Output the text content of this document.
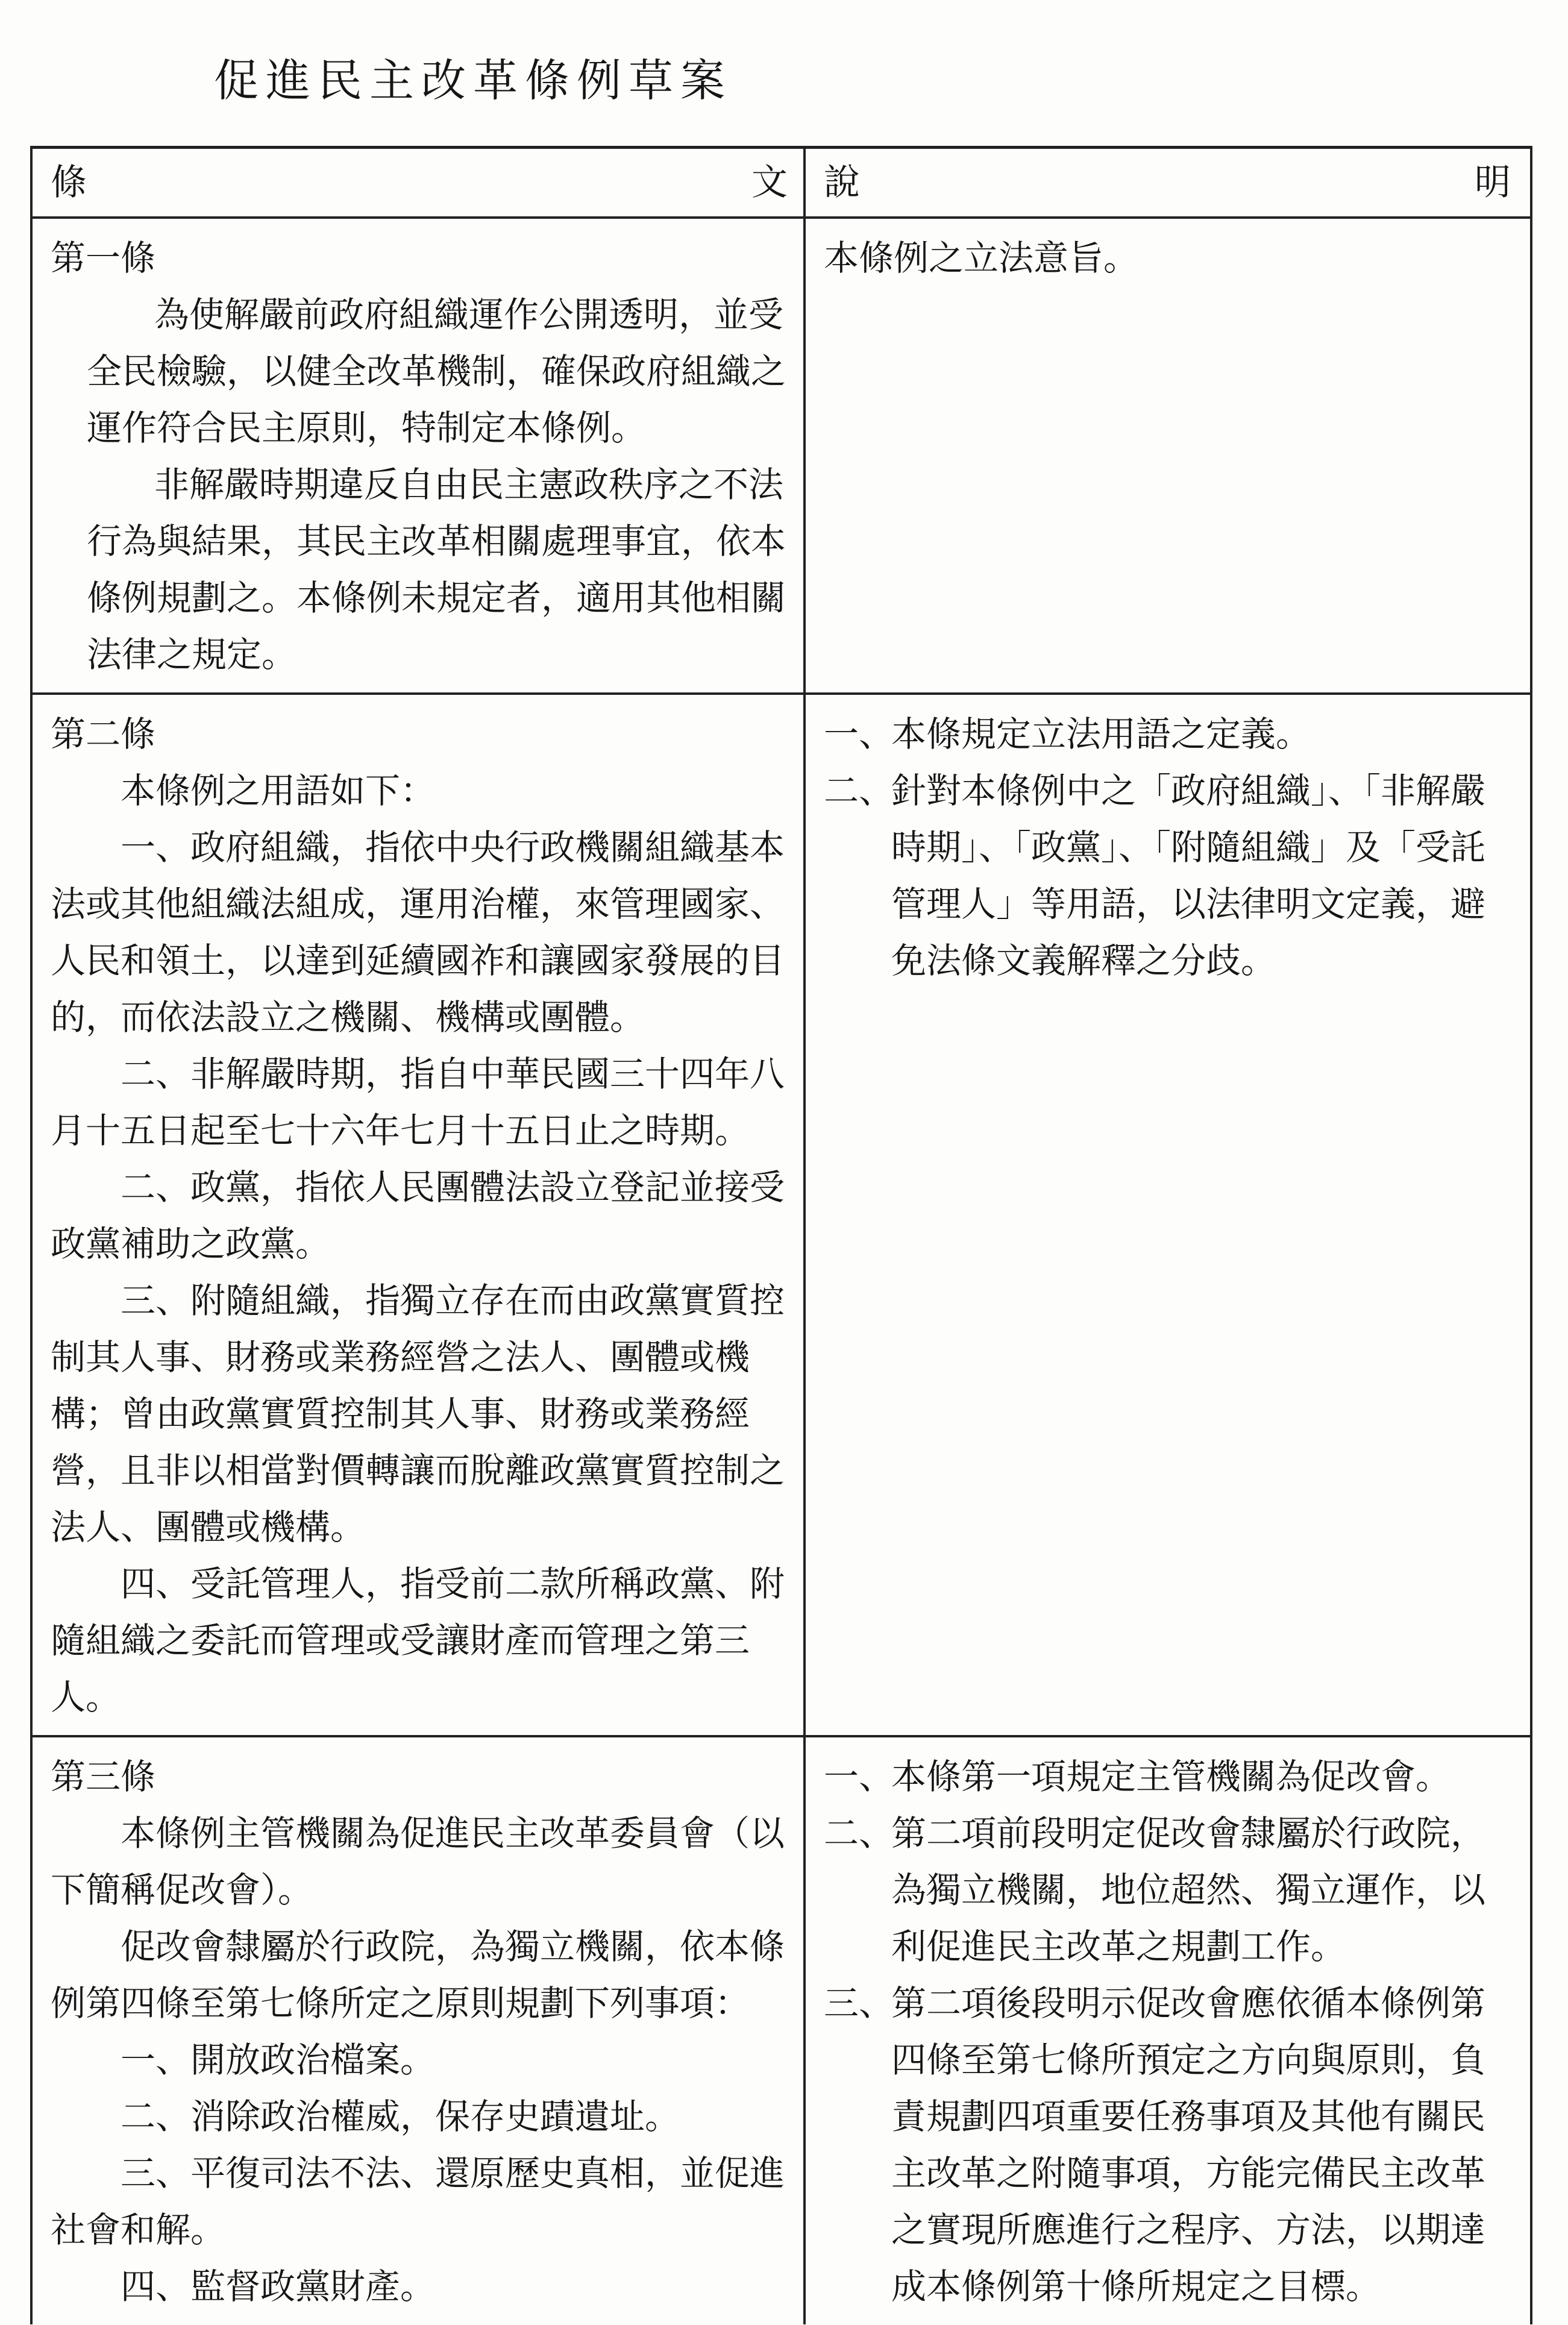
促進民主改革條例草案
條	文 說	明

第一條

為使解嚴前政府組織運作公開透明，並受全民檢驗，以健全改革機制，確保政府組織之運作符合民主原則，特制定本條例。

非解嚴時期違反自由民主憲政秩序之不法行為與結果，其民主改革相關處理事宜，依本條例規劃之。本條例未規定者，適用其他相關法律之規定。

本條例之立法意旨。

第二條

本條例之用語如下：

一、政府組織，指依中央行政機關組織基本法或其他組織法組成，運用治權，來管理國家、人民和領土，以達到延續國祚和讓國家發展的目的，而依法設立之機關、機構或團體。

二、非解嚴時期，指自中華民國三十四年八月十五日起至七十六年七月十五日止之時期。

二、政黨，指依人民團體法設立登記並接受政黨補助之政黨。

三、附隨組織，指獨立存在而由政黨實質控制其人事、財務或業務經營之法人、團體或機構；曾由政黨實質控制其人事、財務或業務經營，且非以相當對價轉讓而脫離政黨實質控制之法人、團體或機構。

四、受託管理人，指受前二款所稱政黨、附隨組織之委託而管理或受讓財產而管理之第三人。

一、
本條規定立法用語之定義。
二、
針對本條例中之「政府組織」、「非解嚴時期」、「政黨」、「附隨組織」及「受託管理人」等用語，以法律明文定義，避免法條文義解釋之分歧。

第三條

本條例主管機關為促進民主改革委員會（以下簡稱促改會）。

促改會隸屬於行政院，為獨立機關，依本條例第四條至第七條所定之原則規劃下列事項：

一、開放政治檔案。

二、消除政治權威，保存史蹟遺址。

三、平復司法不法、還原歷史真相，並促進 社會和解。

四、監督政黨財產。

一、
本條第一項規定主管機關為促改會。
二、
第二項前段明定促改會隸屬於行政院，為獨立機關，地位超然、獨立運作，以利促進民主改革之規劃工作。
三、
第二項後段明示促改會應依循本條例第四條至第七條所預定之方向與原則，負責規劃四項重要任務事項及其他有關民主改革之附隨事項，方能完備民主改革之實現所應進行之程序、方法，以期達成本條例第十條所規定之目標。
